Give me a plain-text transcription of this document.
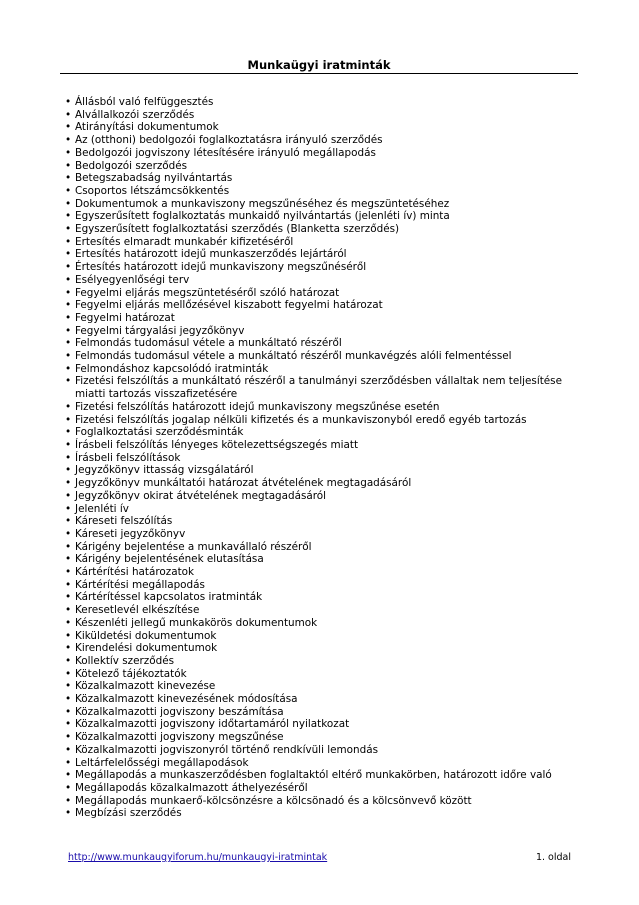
Munkaügyi iratminták
• Állásból való felfüggesztés
• Alvállalkozói szerződés
• Atirányítási dokumentumok
• Az (otthoni) bedolgozói foglalkoztatásra irányuló szerződés
• Bedolgozói jogviszony létesítésére irányuló megállapodás
• Bedolgozói szerződés
• Betegszabadság nyilvántartás
• Csoportos létszámcsökkentés
• Dokumentumok a munkaviszony megszűnéséhez és megszüntetéséhez
• Egyszerűsített foglalkoztatás munkaidő nyilvántartás (jelenléti ív) minta
• Egyszerűsített foglalkoztatási szerződés (Blanketta szerződés)
• Ertesítés elmaradt munkabér kifizetéséről
• Ertesítés határozott idejű munkaszerződés lejártáról
• Értesítés határozott idejű munkaviszony megszűnéséről
• Esélyegyenlőségi terv
• Fegyelmi eljárás megszüntetéséről szóló határozat
• Fegyelmi eljárás mellőzésével kiszabott fegyelmi határozat
• Fegyelmi határozat
• Fegyelmi tárgyalási jegyzőkönyv
• Felmondás tudomásul vétele a munkáltató részéről
• Felmondás tudomásul vétele a munkáltató részéről munkavégzés alóli felmentéssel
• Felmondáshoz kapcsolódó iratminták
• Fizetési felszólítás a munkáltató részéről a tanulmányi szerződésben vállaltak nem teljesítése miatti tartozás visszafizetésére
• Fizetési felszólítás határozott idejű munkaviszony megszűnése esetén
• Fizetési felszólítás jogalap nélküli kifizetés és a munkaviszonyból eredő egyéb tartozás
• Foglalkoztatási szerződésminták
• Írásbeli felszólítás lényeges kötelezettségszegés miatt
• Írásbeli felszólítások
• Jegyzőkönyv ittasság vizsgálatáról
• Jegyzőkönyv munkáltatói határozat átvételének megtagadásáról
• Jegyzőkönyv okirat átvételének megtagadásáról
• Jelenléti ív
• Káreseti felszólítás
• Káreseti jegyzőkönyv
• Kárigény bejelentése a munkavállaló részéről
• Kárigény bejelentésének elutasítása
• Kártérítési határozatok
• Kártérítési megállapodás
• Kártérítéssel kapcsolatos iratminták
• Keresetlevél elkészítése
• Készenléti jellegű munkakörös dokumentumok
• Kiküldetési dokumentumok
• Kirendelési dokumentumok
• Kollektív szerződés
• Kötelező tájékoztatók
• Közalkalmazott kinevezése
• Közalkalmazott kinevezésének módosítása
• Közalkalmazotti jogviszony beszámítása
• Közalkalmazotti jogviszony időtartamáról nyilatkozat
• Közalkalmazotti jogviszony megszűnése
• Közalkalmazotti jogviszonyról történő rendkívüli lemondás
• Leltárfelelősségi megállapodások
• Megállapodás a munkaszerződésben foglaltaktól eltérő munkakörben, határozott időre való
• Megállapodás közalkalmazott áthelyezéséről
• Megállapodás munkaerő-kölcsönzésre a kölcsönadó és a kölcsönvevő között
• Megbízási szerződés
http://www.munkaugyiforum.hu/munkaugyi-iratmintak	1. oldal
